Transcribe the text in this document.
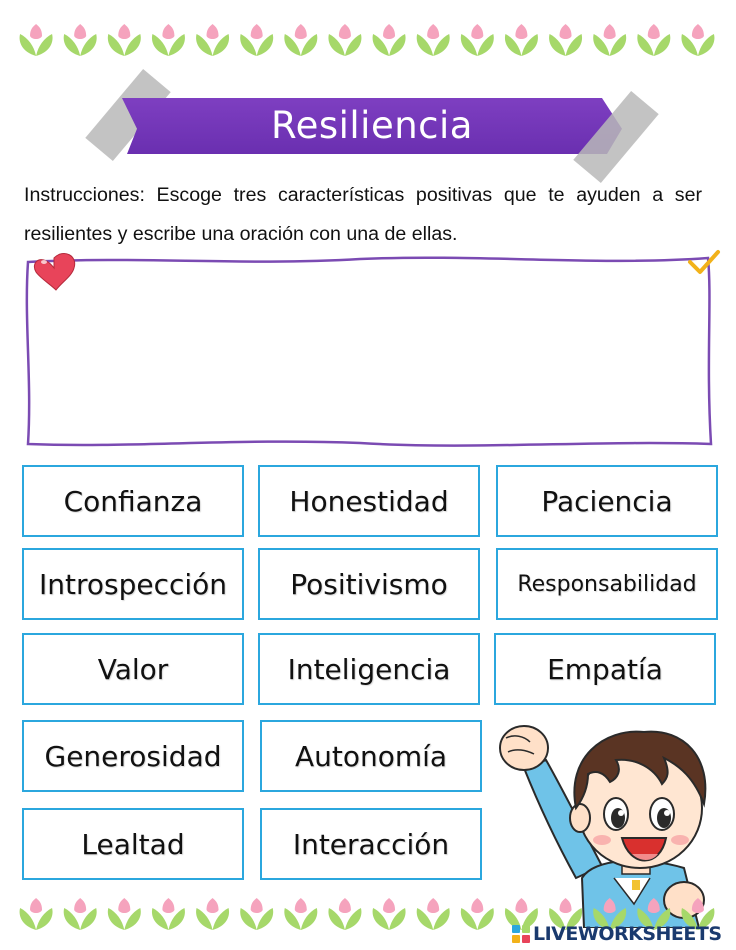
Resiliencia
Instrucciones: Escoge tres características positivas que te ayuden a ser resilientes y escribe una oración con una de ellas.
Confianza	Honestidad	Paciencia
Introspección	Positivismo	Responsabilidad
Valor	Inteligencia	Empatía
Generosidad	Autonomía
Lealtad	Interacción
LIVEWORKSHEETS
